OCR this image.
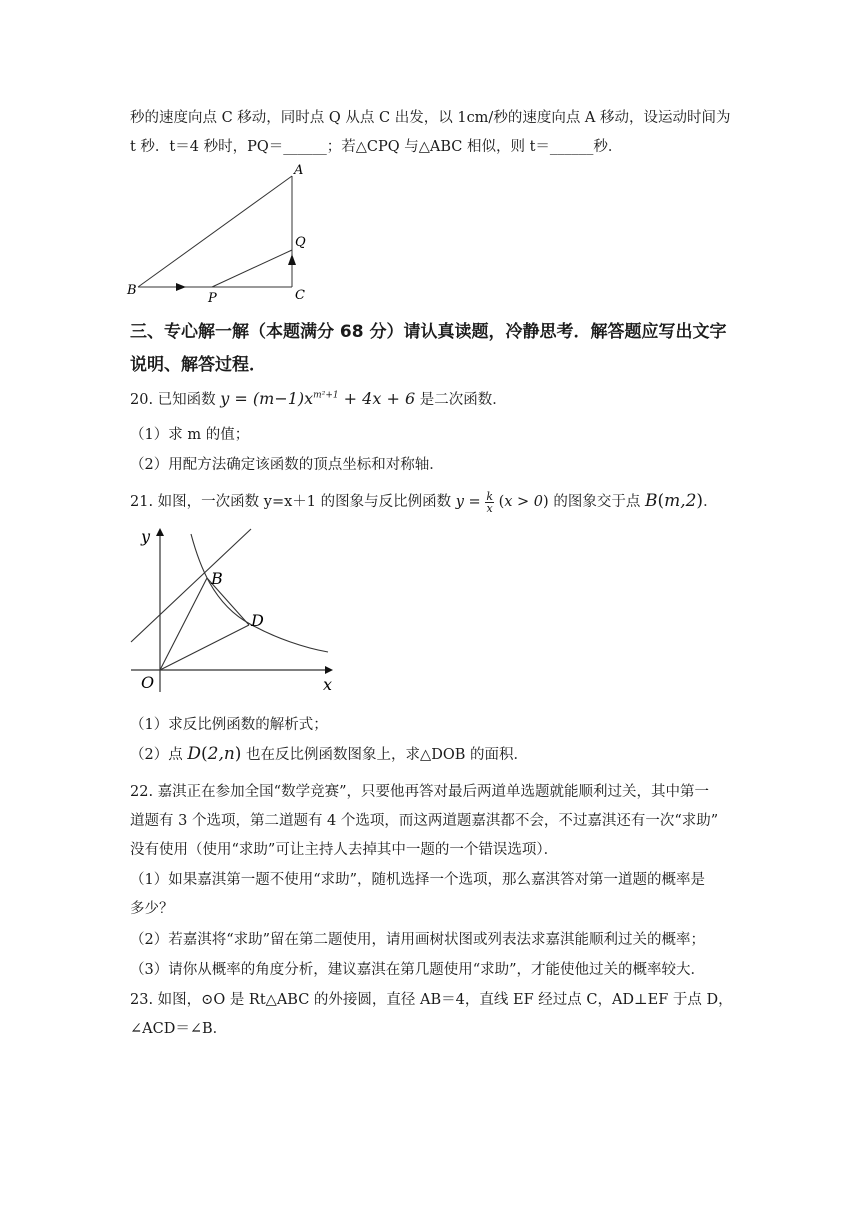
秒的速度向点 C 移动，同时点 Q 从点 C 出发，以 1cm/秒的速度向点 A 移动，设运动时间为
t 秒．t＝4 秒时，PQ＝______；若△CPQ 与△ABC 相似，则 t＝______秒．
A
B	C
P
Q
三、专心解一解（本题满分 68 分）请认真读题，冷静思考．解答题应写出文字
说明、解答过程．
20. 已知函数 $y = (m-1)x^{m^2+1} + 4x + 6$ 是二次函数．
（1）求 m 的值；
（2）用配方法确定该函数的顶点坐标和对称轴．
21. 如图，一次函数 y=x＋1 的图象与反比例函数 $y = \frac{k}{x} (x > 0)$ 的图象交于点 B(m,2)．
y
x
O
B
D
（1）求反比例函数的解析式；
（2）点 D(2,n) 也在反比例函数图象上，求△DOB 的面积．
22. 嘉淇正在参加全国“数学竞赛”，只要他再答对最后两道单选题就能顺利过关，其中第一
道题有 3 个选项，第二道题有 4 个选项，而这两道题嘉淇都不会，不过嘉淇还有一次“求助”
没有使用（使用“求助”可让主持人去掉其中一题的一个错误选项）．
（1）如果嘉淇第一题不使用“求助”，随机选择一个选项，那么嘉淇答对第一道题的概率是
多少？
（2）若嘉淇将“求助”留在第二题使用，请用画树状图或列表法求嘉淇能顺利过关的概率；
（3）请你从概率的角度分析，建议嘉淇在第几题使用“求助”，才能使他过关的概率较大．
23. 如图，⊙O 是 Rt△ABC 的外接圆，直径 AB＝4，直线 EF 经过点 C，AD⊥EF 于点 D，
∠ACD＝∠B．
